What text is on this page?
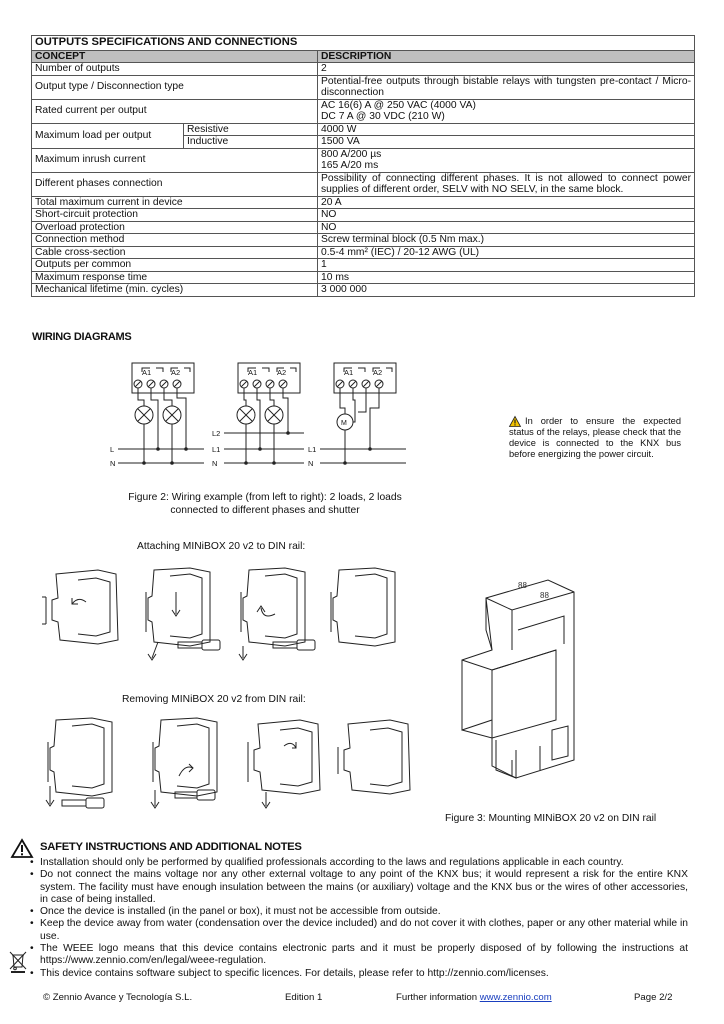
OUTPUTS SPECIFICATIONS AND CONNECTIONS		
CONCEPT		DESCRIPTION
Number of outputs		2

Output type / Disconnection type		Potential-free outputs through bistable relays with tungsten pre-contact / Micro-disconnection

Rated current per output		AC 16(6) A @ 250 VAC (4000 VA)
DC 7 A @ 30 VDC (210 W)

Maximum load per output	Resistive	4000 W
	Inductive	1500 VA
Maximum inrush current		800 A/200 µs
165 A/20 ms

Different phases connection		Possibility of connecting different phases. It is not allowed to connect power supplies of different order, SELV with NO SELV, in the same block.

Total maximum current in device		20 A

Short-circuit protection		NO

Overload protection		NO

Connection method		Screw terminal block (0.5 Nm max.)

Cable cross-section		0.5-4 mm² (IEC) / 20-12 AWG (UL)

Outputs per common		1

Maximum response time		10 ms

Mechanical lifetime (min. cycles)		3 000 000
WIRING DIAGRAMS
A1	A2	A1	A2	A1	A2
M
L
N
L2
L1
N
L1
N
In order to ensure the expected status of the relays, please check that the device is connected to the KNX bus before energizing the power circuit.
Figure 2: Wiring example (from left to right): 2 loads, 2 loads
connected to different phases and shutter
Attaching MINiBOX 20 v2 to DIN rail:
Removing MINiBOX 20 v2 from DIN rail:
88
88
Figure 3: Mounting MINiBOX 20 v2 on DIN rail
SAFETY INSTRUCTIONS AND ADDITIONAL NOTES
• Installation should only be performed by qualified professionals according to the laws and regulations applicable in each country.
• Do not connect the mains voltage nor any other external voltage to any point of the KNX bus; it would represent a risk for the entire KNX system. The facility must have enough insulation between the mains (or auxiliary) voltage and the KNX bus or the wires of other accessories, in case of being installed.
• Once the device is installed (in the panel or box), it must not be accessible from outside.
• Keep the device away from water (condensation over the device included) and do not cover it with clothes, paper or any other material while in use.
• The WEEE logo means that this device contains electronic parts and it must be properly disposed of by following the instructions at https://www.zennio.com/en/legal/weee-regulation.
• This device contains software subject to specific licences. For details, please refer to http://zennio.com/licenses.
© Zennio Avance y Tecnología S.L.	Edition 1	Further information www.zennio.com	Page 2/2
